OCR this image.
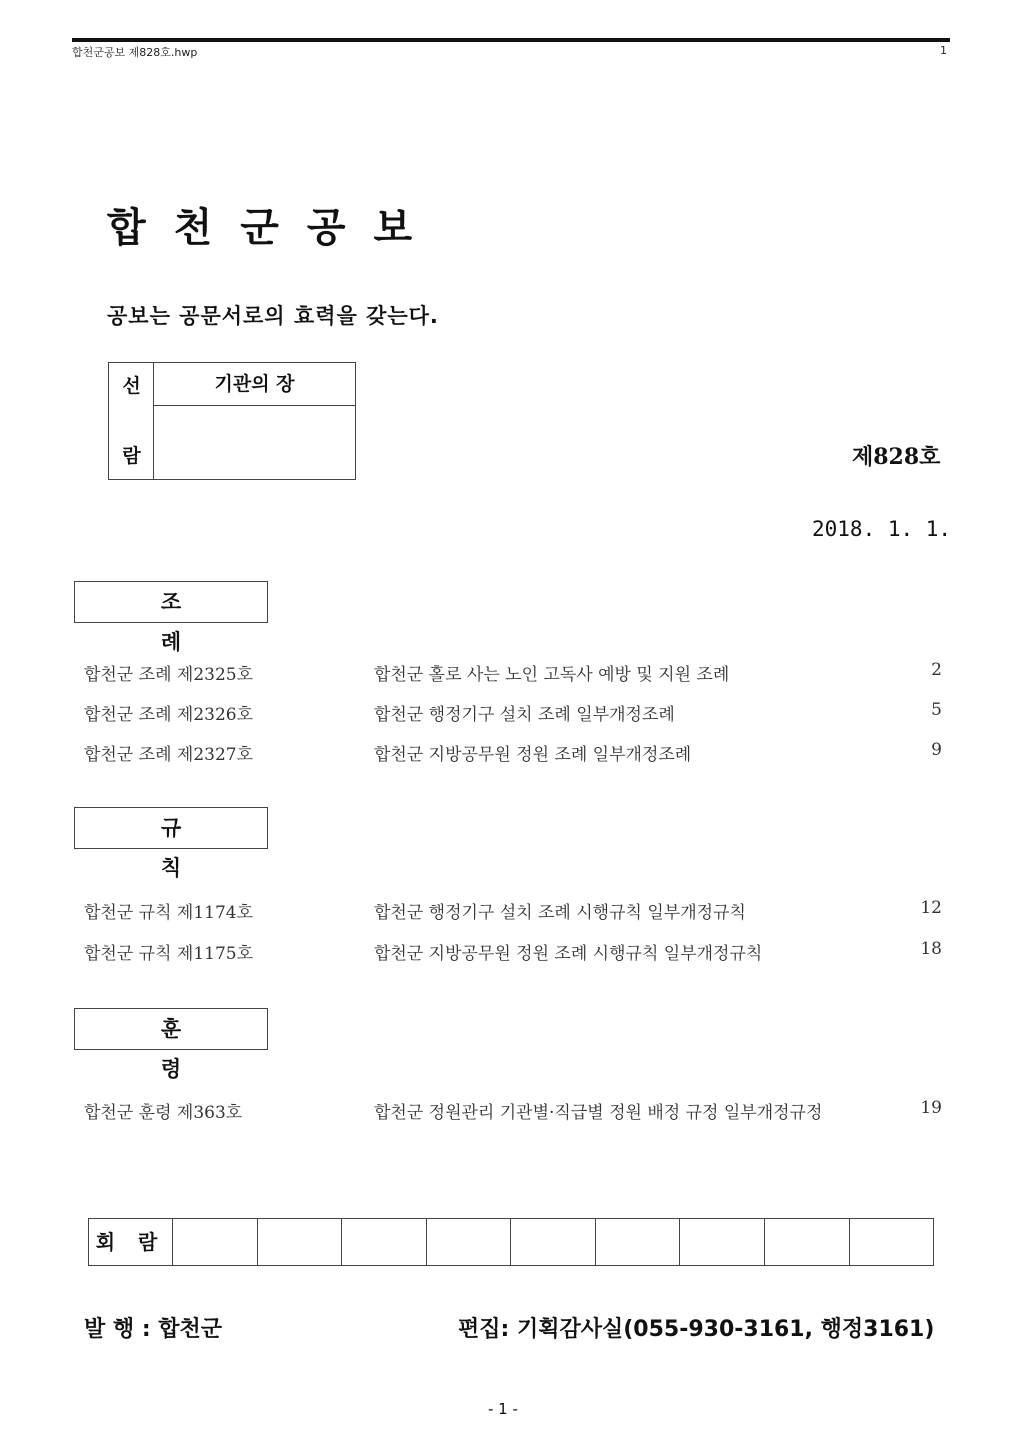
합천군공보 제828호.hwp	1
합천군공보
공보는 공문서로의 효력을 갖는다.
선
람
기관의 장
제828호
2018. 1. 1.
조 례
합천군 조례 제2325호	합천군 홀로 사는 노인 고독사 예방 및 지원 조례	2
합천군 조례 제2326호	합천군 행정기구 설치 조례 일부개정조례	5
합천군 조례 제2327호	합천군 지방공무원 정원 조례 일부개정조례	9
규 칙
합천군 규칙 제1174호	합천군 행정기구 설치 조례 시행규칙 일부개정규칙	12
합천군 규칙 제1175호	합천군 지방공무원 정원 조례 시행규칙 일부개정규칙	18
훈 령
합천군 훈령 제363호	합천군 정원관리 기관별·직급별 정원 배정 규정 일부개정규정	19
회 람
발 행 : 합천군	편집: 기획감사실(055-930-3161, 행정3161)
- 1 -
